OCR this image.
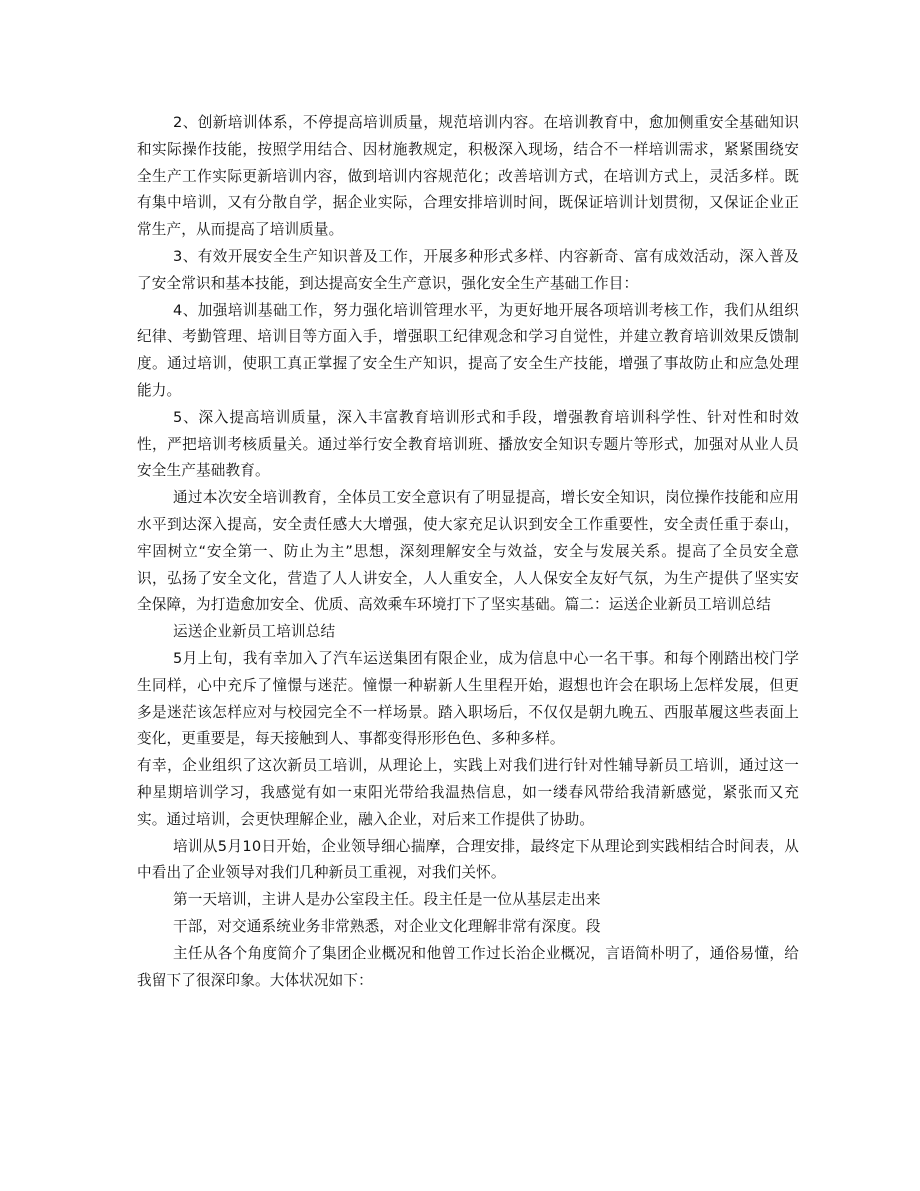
2、创新培训体系，不停提高培训质量，规范培训内容。在培训教育中，愈加侧重安全基础知识和实际操作技能，按照学用结合、因材施教规定，积极深入现场，结合不一样培训需求，紧紧围绕安全生产工作实际更新培训内容，做到培训内容规范化；改善培训方式，在培训方式上，灵活多样。既有集中培训，又有分散自学，据企业实际，合理安排培训时间，既保证培训计划贯彻，又保证企业正常生产，从而提高了培训质量。

3、有效开展安全生产知识普及工作，开展多种形式多样、内容新奇、富有成效活动，深入普及了安全常识和基本技能，到达提高安全生产意识，强化安全生产基础工作目：

4、加强培训基础工作，努力强化培训管理水平，为更好地开展各项培训考核工作，我们从组织纪律、考勤管理、培训目等方面入手，增强职工纪律观念和学习自觉性，并建立教育培训效果反馈制度。通过培训，使职工真正掌握了安全生产知识，提高了安全生产技能，增强了事故防止和应急处理能力。

5、深入提高培训质量，深入丰富教育培训形式和手段，增强教育培训科学性、针对性和时效性，严把培训考核质量关。通过举行安全教育培训班、播放安全知识专题片等形式，加强对从业人员安全生产基础教育。

通过本次安全培训教育，全体员工安全意识有了明显提高，增长安全知识，岗位操作技能和应用水平到达深入提高，安全责任感大大增强，使大家充足认识到安全工作重要性，安全责任重于泰山，牢固树立“安全第一、防止为主”思想，深刻理解安全与效益，安全与发展关系。提高了全员安全意识，弘扬了安全文化，营造了人人讲安全，人人重安全，人人保安全友好气氛，为生产提供了坚实安全保障，为打造愈加安全、优质、高效乘车环境打下了坚实基础。篇二：运送企业新员工培训总结

运送企业新员工培训总结

5月上旬，我有幸加入了汽车运送集团有限企业，成为信息中心一名干事。和每个刚踏出校门学生同样，心中充斥了憧憬与迷茫。憧憬一种崭新人生里程开始，遐想也许会在职场上怎样发展，但更多是迷茫该怎样应对与校园完全不一样场景。踏入职场后，不仅仅是朝九晚五、西服革履这些表面上变化，更重要是，每天接触到人、事都变得形形色色、多种多样。

有幸，企业组织了这次新员工培训，从理论上，实践上对我们进行针对性辅导新员工培训，通过这一种星期培训学习，我感觉有如一束阳光带给我温热信息，如一缕春风带给我清新感觉，紧张而又充实。通过培训，会更快理解企业，融入企业，对后来工作提供了协助。

培训从5月10日开始，企业领导细心揣摩，合理安排，最终定下从理论到实践相结合时间表，从中看出了企业领导对我们几种新员工重视，对我们关怀。

第一天培训，主讲人是办公室段主任。段主任是一位从基层走出来

干部，对交通系统业务非常熟悉，对企业文化理解非常有深度。段

主任从各个角度简介了集团企业概况和他曾工作过长治企业概况，言语简朴明了，通俗易懂，给我留下了很深印象。大体状况如下：
